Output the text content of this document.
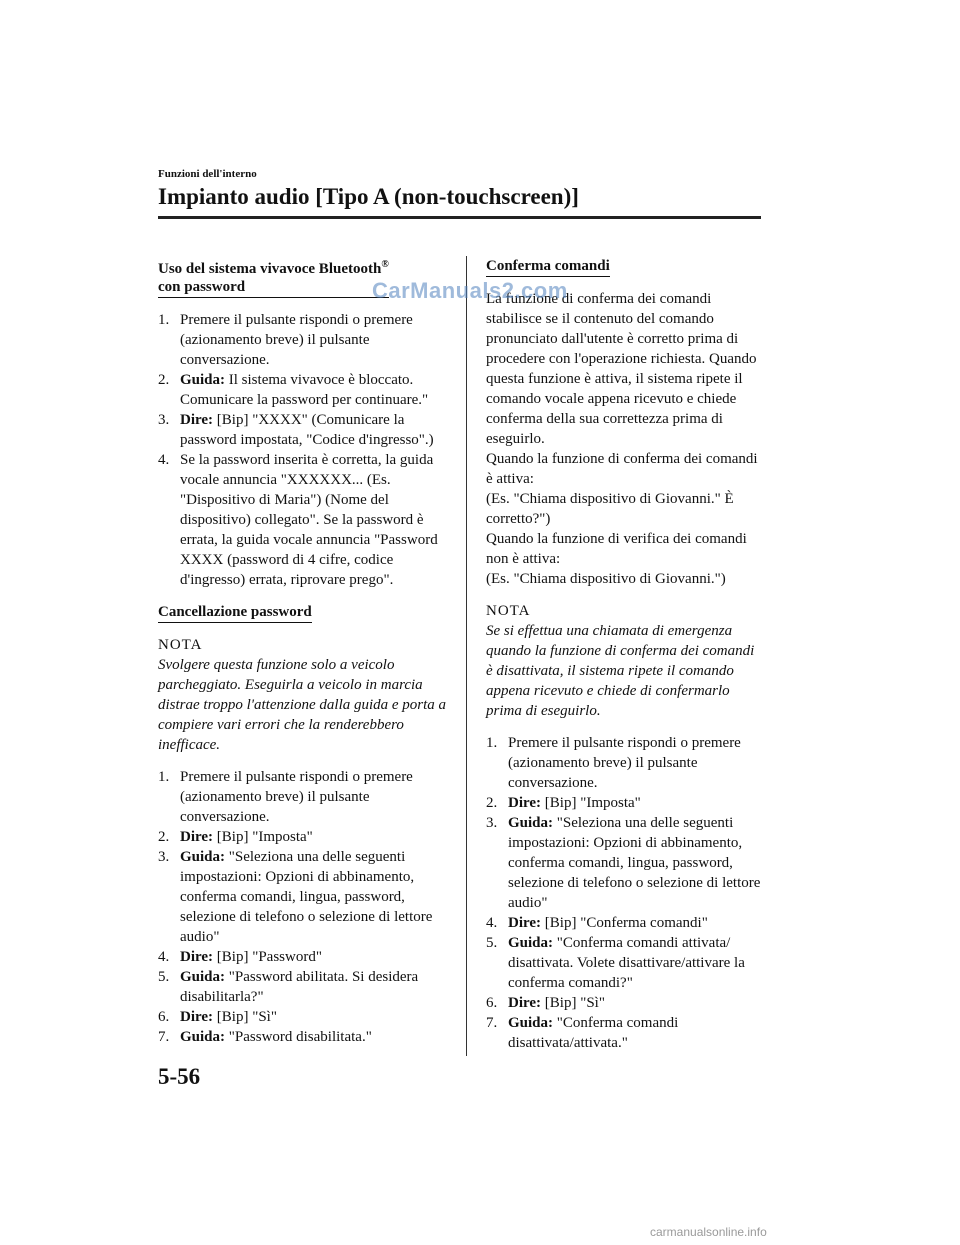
Funzioni dell'interno
Impianto audio [Tipo A (non-touchscreen)]
Uso del sistema vivavoce Bluetooth®
con password
1. Premere il pulsante rispondi o premere (azionamento breve) il pulsante conversazione.
2. Guida: Il sistema vivavoce è bloccato. Comunicare la password per continuare."
3. Dire: [Bip] "XXXX" (Comunicare la password impostata, "Codice d'ingresso".)
4. Se la password inserita è corretta, la guida vocale annuncia "XXXXXX... (Es. "Dispositivo di Maria") (Nome del dispositivo) collegato". Se la password è errata, la guida vocale annuncia "Password XXXX (password di 4 cifre, codice d'ingresso) errata, riprovare prego".
Cancellazione password
NOTA

Svolgere questa funzione solo a veicolo parcheggiato. Eseguirla a veicolo in marcia distrae troppo l'attenzione dalla guida e porta a compiere vari errori che la renderebbero inefficace.

1. Premere il pulsante rispondi o premere (azionamento breve) il pulsante conversazione.
2. Dire: [Bip] "Imposta"
3. Guida: "Seleziona una delle seguenti impostazioni: Opzioni di abbinamento, conferma comandi, lingua, password, selezione di telefono o selezione di lettore audio"
4. Dire: [Bip] "Password"
5. Guida: "Password abilitata. Si desidera disabilitarla?"
6. Dire: [Bip] "Sì"
7. Guida: "Password disabilitata."
Conferma comandi

La funzione di conferma dei comandi stabilisce se il contenuto del comando pronunciato dall'utente è corretto prima di procedere con l'operazione richiesta. Quando questa funzione è attiva, il sistema ripete il comando vocale appena ricevuto e chiede conferma della sua correttezza prima di eseguirlo.

Quando la funzione di conferma dei comandi è attiva:

(Es. "Chiama dispositivo di Giovanni." È corretto?")

Quando la funzione di verifica dei comandi non è attiva:

(Es. "Chiama dispositivo di Giovanni.")

NOTA

Se si effettua una chiamata di emergenza quando la funzione di conferma dei comandi è disattivata, il sistema ripete il comando appena ricevuto e chiede di confermarlo prima di eseguirlo.

1. Premere il pulsante rispondi o premere (azionamento breve) il pulsante conversazione.
2. Dire: [Bip] "Imposta"
3. Guida: "Seleziona una delle seguenti impostazioni: Opzioni di abbinamento, conferma comandi, lingua, password, selezione di telefono o selezione di lettore audio"
4. Dire: [Bip] "Conferma comandi"
5. Guida: "Conferma comandi attivata/ disattivata. Volete disattivare/attivare la conferma comandi?"
6. Dire: [Bip] "Sì"
7. Guida: "Conferma comandi disattivata/attivata."
5-56
CarManuals2.com
carmanualsonline.info
